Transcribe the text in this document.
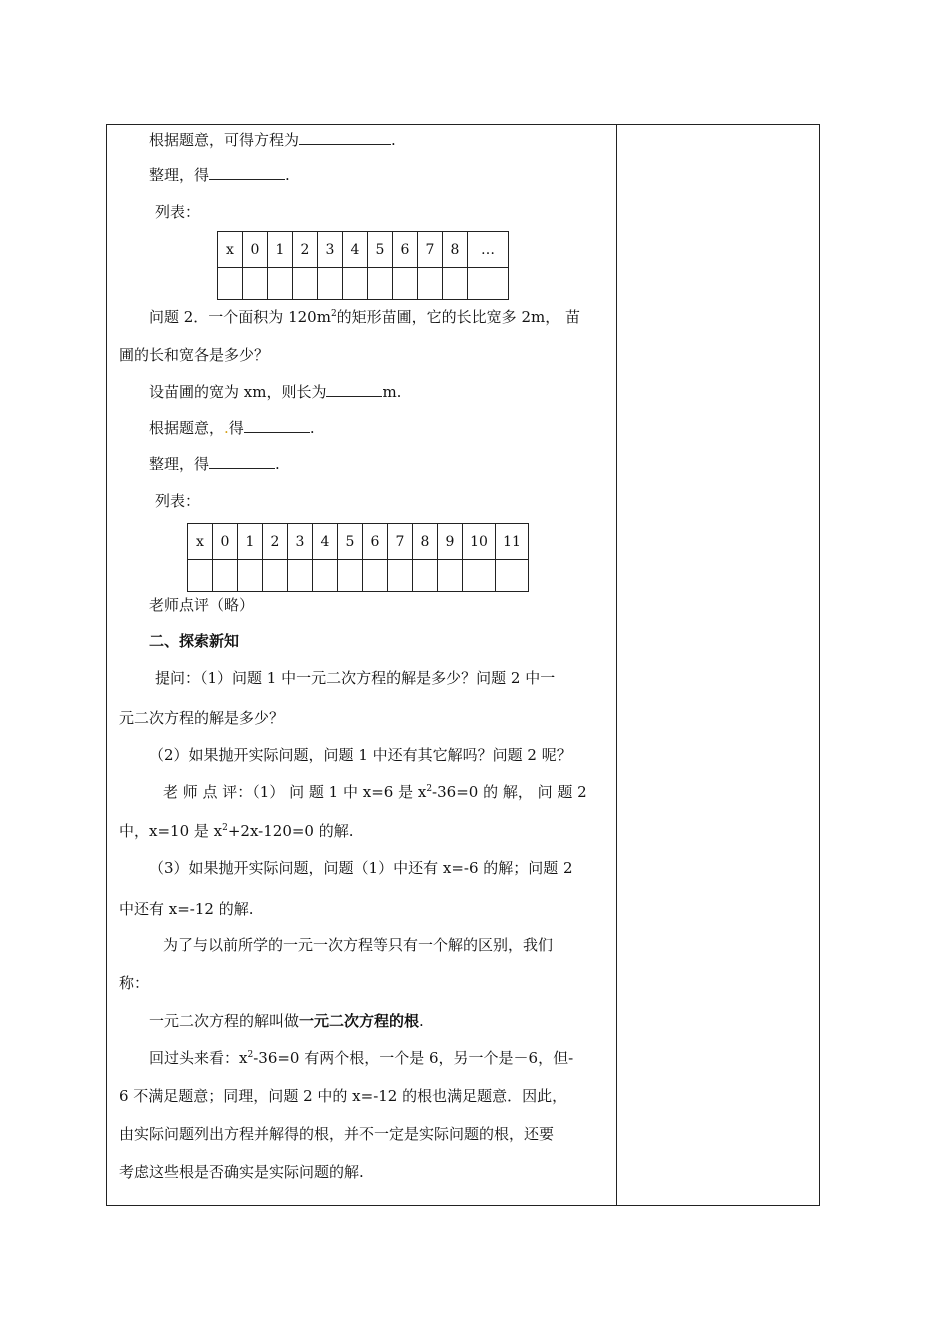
根据题意，可得方程为	.
整理，得	.
列表：
x	0	1	2	3	4	5	6	7	8	…

问题 2．一个面积为 $120m^2$的矩形苗圃，它的长比宽多 2m， 苗
圃的长和宽各是多少？
设苗圃的宽为 xm，则长为	m.
根据题意，.得	.
整理，得	.
列表：
x	0	1	2	3	4	5	6	7	8	9	10	11

老师点评（略）
二、探索新知
提问：（1）问题 1 中一元二次方程的解是多少？问题 2 中一
元二次方程的解是多少？
（2）如果抛开实际问题，问题 1 中还有其它解吗？问题 2 呢？
老 师 点 评：（1） 问 题 1 中 x=6 是 $x^2-36=0$ 的 解， 问 题 2
中，x=10 是 $x^2+2x-120=0$ 的解.
（3）如果抛开实际问题，问题（1）中还有 x=-6 的解；问题 2
中还有 x=-12 的解.
为了与以前所学的一元一次方程等只有一个解的区别，我们
称：
一元二次方程的解叫做一元二次方程的根.
回过头来看：$x^2-36=0$ 有两个根，一个是 6，另一个是－6，但-
6 不满足题意；同理，问题 2 中的 x=-12 的根也满足题意．因此，
由实际问题列出方程并解得的根，并不一定是实际问题的根，还要
考虑这些根是否确实是实际问题的解.
